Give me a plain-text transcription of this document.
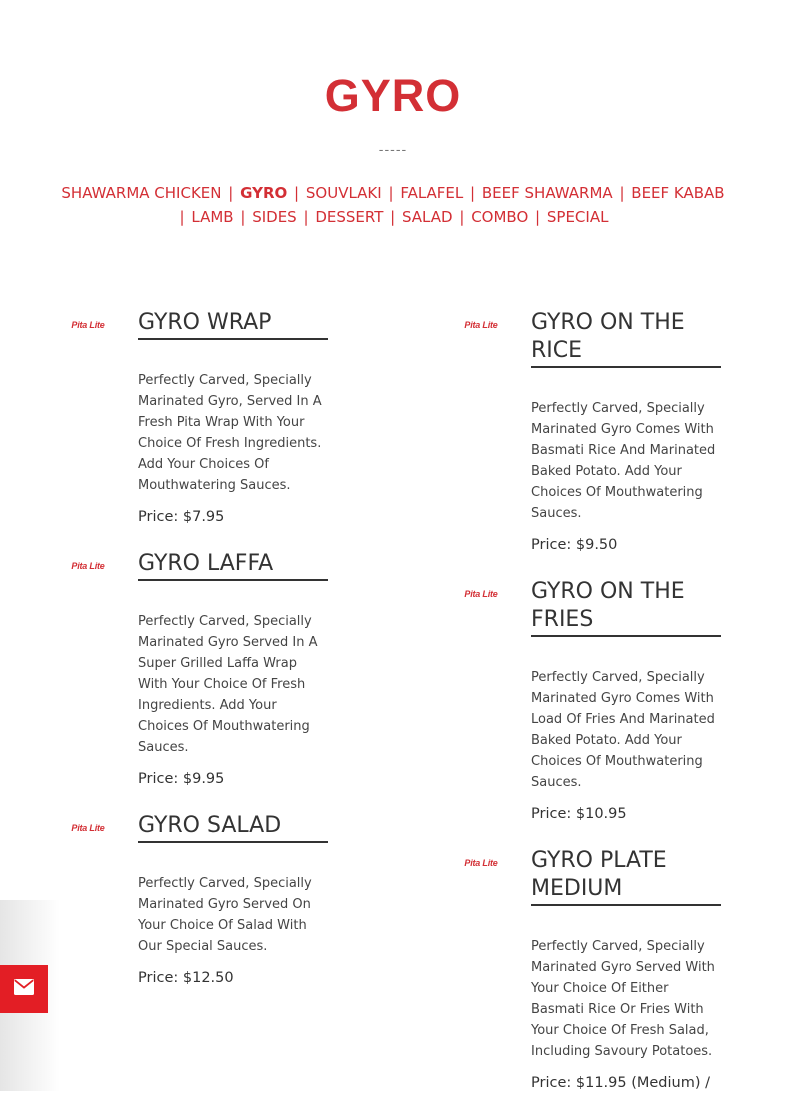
GYRO
-----
SHAWARMA CHICKEN | GYRO | SOUVLAKI | FALAFEL | BEEF SHAWARMA | BEEF KABAB | LAMB | SIDES | DESSERT | SALAD | COMBO | SPECIAL
Pita Lite GYRO WRAP

Perfectly Carved, Specially Marinated Gyro, Served In A Fresh Pita Wrap With Your Choice Of Fresh Ingredients. Add Your Choices Of Mouthwatering Sauces.

Price: $7.95
Pita Lite GYRO LAFFA

Perfectly Carved, Specially Marinated Gyro Served In A Super Grilled Laffa Wrap With Your Choice Of Fresh Ingredients. Add Your Choices Of Mouthwatering Sauces.

Price: $9.95
Pita Lite GYRO SALAD

Perfectly Carved, Specially Marinated Gyro Served On Your Choice Of Salad With Our Special Sauces.

Price: $12.50
Pita Lite GYRO ON THE RICE

Perfectly Carved, Specially Marinated Gyro Comes With Basmati Rice And Marinated Baked Potato. Add Your Choices Of Mouthwatering Sauces.

Price: $9.50
Pita Lite GYRO ON THE FRIES

Perfectly Carved, Specially Marinated Gyro Comes With Load Of Fries And Marinated Baked Potato. Add Your Choices Of Mouthwatering Sauces.

Price: $10.95
Pita Lite GYRO PLATE MEDIUM

Perfectly Carved, Specially Marinated Gyro Served With Your Choice Of Either Basmati Rice Or Fries With Your Choice Of Fresh Salad, Including Savoury Potatoes.

Price: $11.95 (Medium) /
